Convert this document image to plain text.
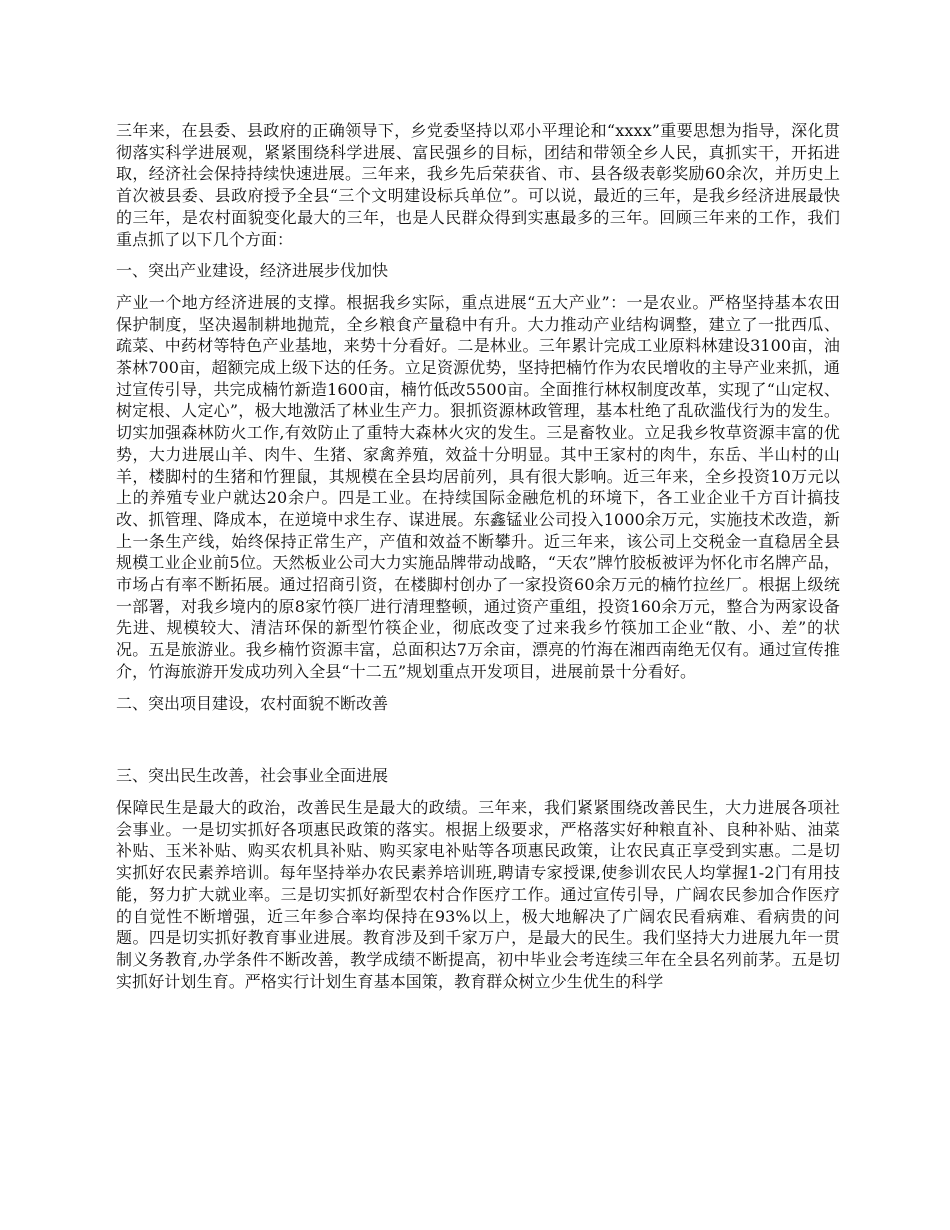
三年来，在县委、县政府的正确领导下，乡党委坚持以邓小平理论和“xxxx”重要思想为指导，深化贯彻落实科学进展观，紧紧围绕科学进展、富民强乡的目标，团结和带领全乡人民，真抓实干，开拓进取，经济社会保持持续快速进展。三年来，我乡先后荣获省、市、县各级表彰奖励60余次，并历史上首次被县委、县政府授予全县“三个文明建设标兵单位”。可以说，最近的三年，是我乡经济进展最快的三年，是农村面貌变化最大的三年，也是人民群众得到实惠最多的三年。回顾三年来的工作，我们重点抓了以下几个方面：

一、突出产业建设，经济进展步伐加快

产业一个地方经济进展的支撑。根据我乡实际，重点进展“五大产业”：一是农业。严格坚持基本农田保护制度，坚决遏制耕地抛荒，全乡粮食产量稳中有升。大力推动产业结构调整，建立了一批西瓜、疏菜、中药材等特色产业基地，来势十分看好。二是林业。三年累计完成工业原料林建设3100亩，油茶林700亩，超额完成上级下达的任务。立足资源优势，坚持把楠竹作为农民增收的主导产业来抓，通过宣传引导，共完成楠竹新造1600亩，楠竹低改5500亩。全面推行林权制度改革，实现了“山定权、树定根、人定心”，极大地激活了林业生产力。狠抓资源林政管理，基本杜绝了乱砍滥伐行为的发生。切实加强森林防火工作,有效防止了重特大森林火灾的发生。三是畜牧业。立足我乡牧草资源丰富的优势，大力进展山羊、肉牛、生猪、家禽养殖，效益十分明显。其中王家村的肉牛，东岳、半山村的山羊，楼脚村的生猪和竹狸鼠，其规模在全县均居前列，具有很大影响。近三年来，全乡投资10万元以上的养殖专业户就达20余户。四是工业。在持续国际金融危机的环境下，各工业企业千方百计搞技改、抓管理、降成本，在逆境中求生存、谋进展。东鑫锰业公司投入1000余万元，实施技术改造，新上一条生产线，始终保持正常生产，产值和效益不断攀升。近三年来，该公司上交税金一直稳居全县规模工业企业前5位。天然板业公司大力实施品牌带动战略，“天农”牌竹胶板被评为怀化市名牌产品，市场占有率不断拓展。通过招商引资，在楼脚村创办了一家投资60余万元的楠竹拉丝厂。根据上级统一部署，对我乡境内的原8家竹筷厂进行清理整顿，通过资产重组，投资160余万元，整合为两家设备先进、规模较大、清洁环保的新型竹筷企业，彻底改变了过来我乡竹筷加工企业“散、小、差”的状况。五是旅游业。我乡楠竹资源丰富，总面积达7万余亩，漂亮的竹海在湘西南绝无仅有。通过宣传推介，竹海旅游开发成功列入全县“十二五”规划重点开发项目，进展前景十分看好。

二、突出项目建设，农村面貌不断改善

三、突出民生改善，社会事业全面进展

保障民生是最大的政治，改善民生是最大的政绩。三年来，我们紧紧围绕改善民生，大力进展各项社会事业。一是切实抓好各项惠民政策的落实。根据上级要求，严格落实好种粮直补、良种补贴、油菜补贴、玉米补贴、购买农机具补贴、购买家电补贴等各项惠民政策，让农民真正享受到实惠。二是切实抓好农民素养培训。每年坚持举办农民素养培训班,聘请专家授课,使参训农民人均掌握1-2门有用技能，努力扩大就业率。三是切实抓好新型农村合作医疗工作。通过宣传引导，广阔农民参加合作医疗的自觉性不断增强，近三年参合率均保持在93%以上，极大地解决了广阔农民看病难、看病贵的问题。四是切实抓好教育事业进展。教育涉及到千家万户，是最大的民生。我们坚持大力进展九年一贯制义务教育,办学条件不断改善，教学成绩不断提高，初中毕业会考连续三年在全县名列前茅。五是切实抓好计划生育。严格实行计划生育基本国策，教育群众树立少生优生的科学
